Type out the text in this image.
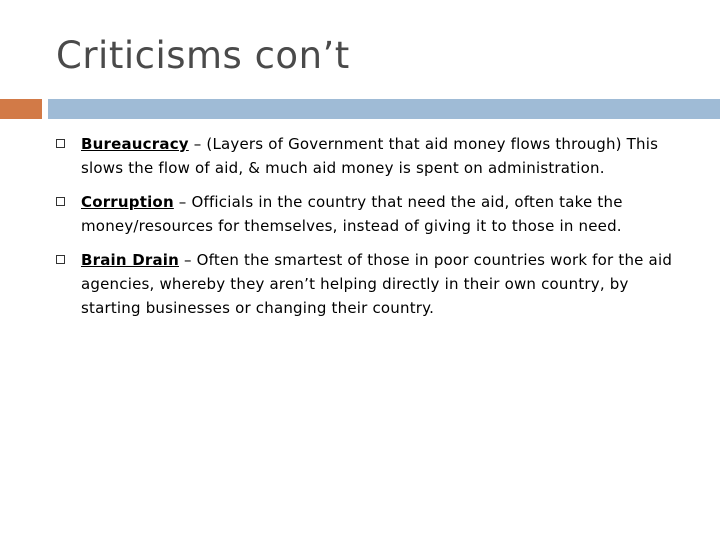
Criticisms con’t
Bureaucracy – (Layers of Government that aid money flows through) This slows the flow of aid, & much aid money is spent on administration.
Corruption – Officials in the country that need the aid, often take the money/resources for themselves, instead of giving it to those in need.
Brain Drain – Often the smartest of those in poor countries work for the aid agencies, whereby they aren’t helping directly in their own country, by starting businesses or changing their country.
